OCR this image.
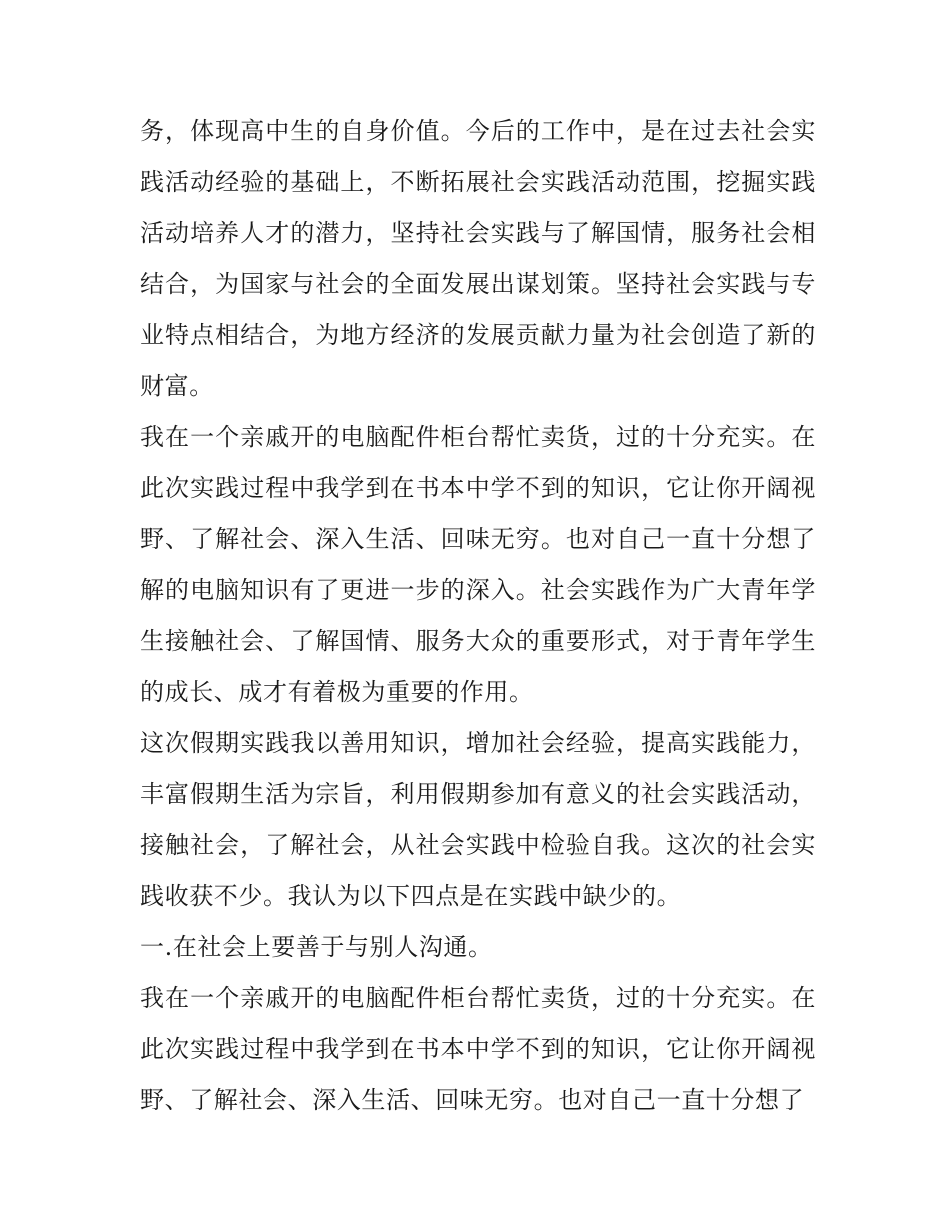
务，体现高中生的自身价值。今后的工作中，是在过去社会实践活动经验的基础上，不断拓展社会实践活动范围，挖掘实践活动培养人才的潜力，坚持社会实践与了解国情，服务社会相结合，为国家与社会的全面发展出谋划策。坚持社会实践与专业特点相结合，为地方经济的发展贡献力量为社会创造了新的财富。

我在一个亲戚开的电脑配件柜台帮忙卖货，过的十分充实。在此次实践过程中我学到在书本中学不到的知识，它让你开阔视野、了解社会、深入生活、回味无穷。也对自己一直十分想了解的电脑知识有了更进一步的深入。社会实践作为广大青年学生接触社会、了解国情、服务大众的重要形式，对于青年学生的成长、成才有着极为重要的作用。

这次假期实践我以善用知识，增加社会经验，提高实践能力，丰富假期生活为宗旨，利用假期参加有意义的社会实践活动，接触社会，了解社会，从社会实践中检验自我。这次的社会实践收获不少。我认为以下四点是在实践中缺少的。

一.在社会上要善于与别人沟通。

我在一个亲戚开的电脑配件柜台帮忙卖货，过的十分充实。在此次实践过程中我学到在书本中学不到的知识，它让你开阔视野、了解社会、深入生活、回味无穷。也对自己一直十分想了
